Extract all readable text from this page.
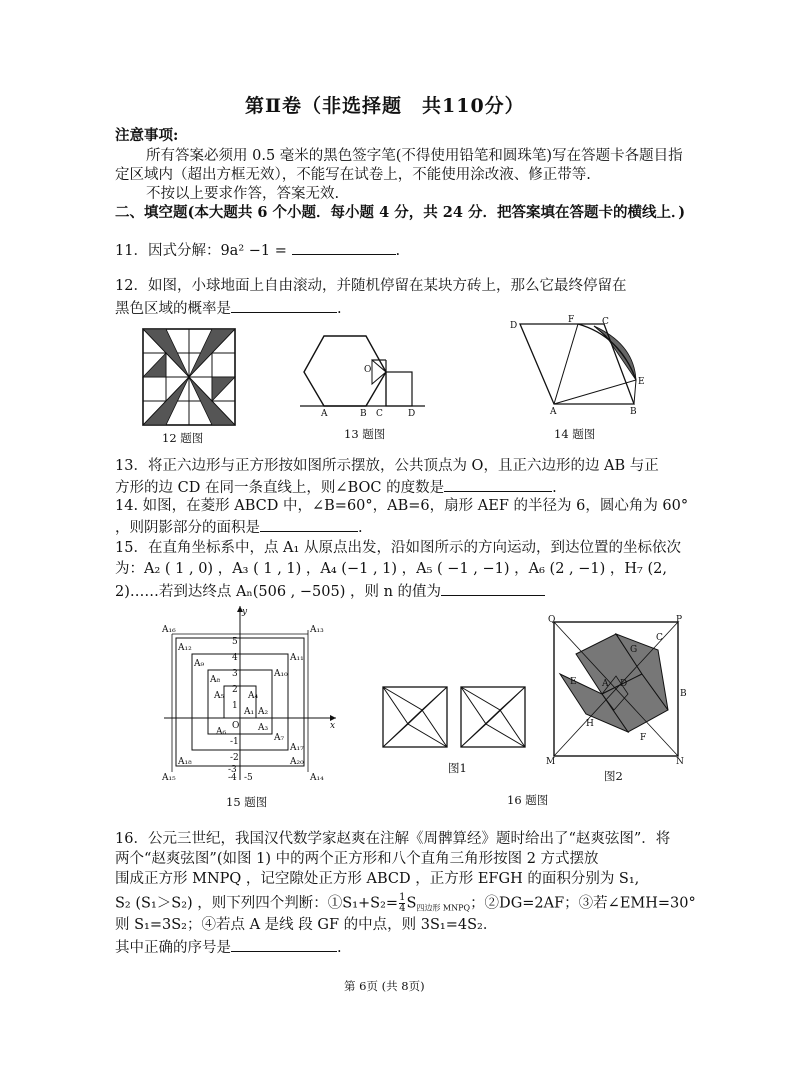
第Ⅱ卷（非选择题　共110分）
注意事项:
所有答案必须用 0.5 毫米的黑色签字笔(不得使用铅笔和圆珠笔)写在答题卡各题目指
定区域内（超出方框无效），不能写在试卷上，不能使用涂改液、修正带等.
不按以上要求作答，答案无效.
二、填空题(本大题共 6 个小题．每小题 4 分，共 24 分．把答案填在答题卡的横线上．)
11．因式分解：9a² −1 =	.
12．如图，小球地面上自由滚动，并随机停留在某块方砖上，那么它最终停留在
黑色区域的概率是	.
12 题图
A	B C	D
O
13 题图
D
F	C
E
A	B
14 题图
13．将正六边形与正方形按如图所示摆放，公共顶点为 O，且正六边形的边 AB 与正
方形的边 CD 在同一条直线上，则∠BOC 的度数是	.
14. 如图，在菱形 ABCD 中，∠B=60°，AB=6，扇形 AEF 的半径为 6，圆心角为 60°
，则阴影部分的面积是	.
15．在直角坐标系中，点 A₁ 从原点出发，沿如图所示的方向运动，到达位置的坐标依次
为：A₂ ( 1 , 0) ，A₃ ( 1 , 1) ，A₄ (−1 , 1) ，A₅ ( −1 , −1) ，A₆ (2 , −1) ，H₇ (2,
2)……若到达终点 Aₙ(506 , −505) ，则 n 的值为
y
x
O
5
4
3
2
1
-1
-2
-3
-4 -5
A₁₆	A₁₃
A₁₂
A₉
A₈
A₅	A₄
A₁ A₂
A₃
A₆
A₇
A₁₀
A₁₁
A₁₄
A₁₅
A₁₈
A₁₇
A₂₀
15 题图
图1
Q	P
M	N
A
B
C
D
E
F
G
H
图2
16 题图
16．公元三世纪，我国汉代数学家赵爽在注解《周髀算经》题时给出了“赵爽弦图”．将
两个“赵爽弦图”(如图 1) 中的两个正方形和八个直角三角形按图 2 方式摆放
围成正方形 MNPQ ，记空隙处正方形 ABCD ，正方形 EFGH 的面积分别为 S₁,
S₂ (S₁＞S₂) ，则下列四个判断：①S₁+S₂= $\frac{1}{4} S_{四边形 MNPQ}$；②DG=2AF；③若∠EMH=30°
则 S₁=3S₂；④若点 A 是线 段 GF 的中点，则 3S₁=4S₂．
其中正确的序号是	.
第 6页 (共 8页)
